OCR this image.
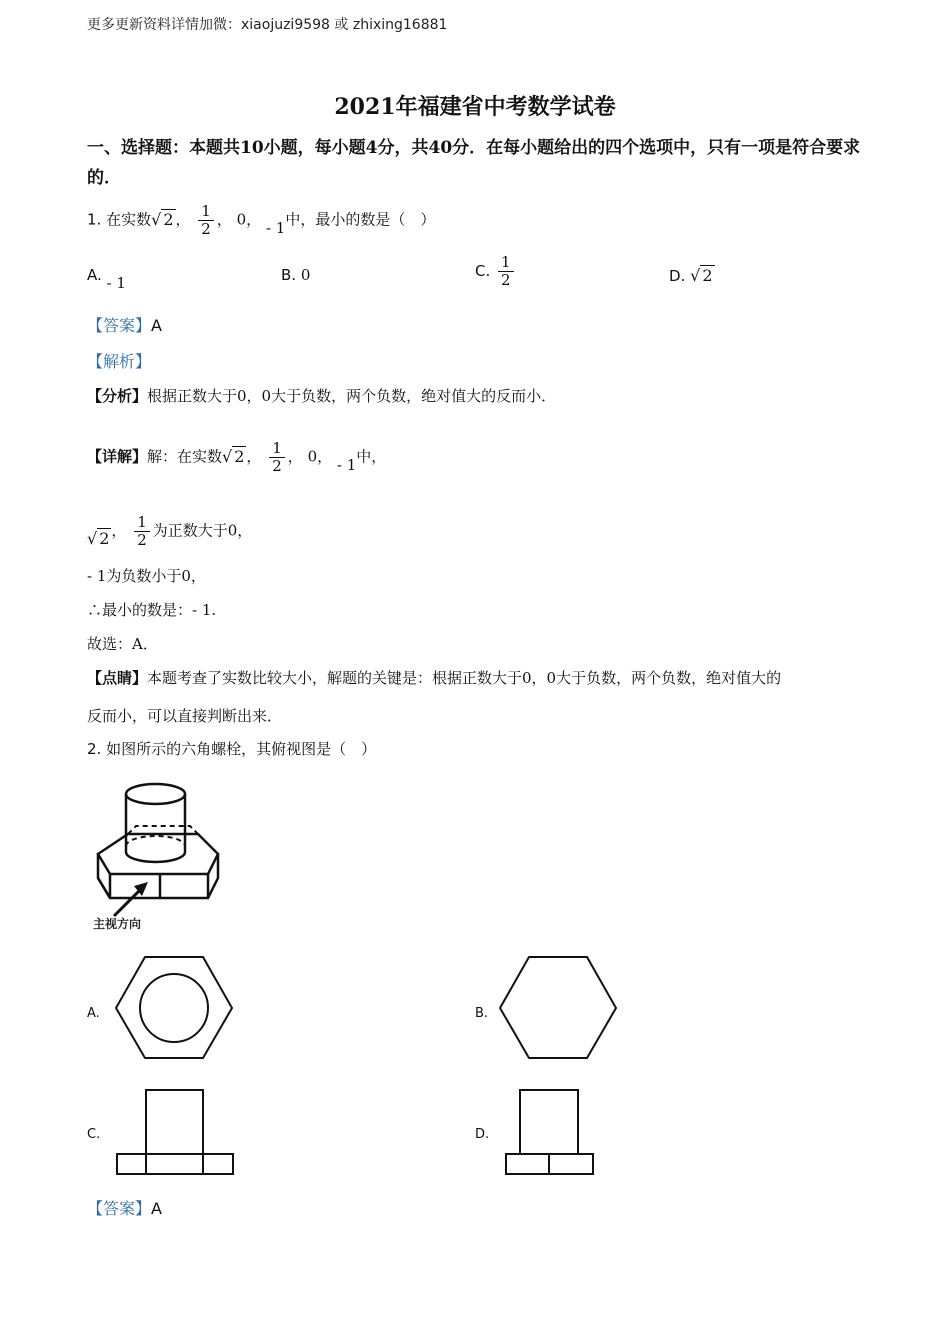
更多更新资料详情加微：xiaojuzi9598 或 zhixing16881
2021年福建省中考数学试卷
一、选择题：本题共10小题，每小题4分，共40分．在每小题给出的四个选项中，只有一项是符合要求的．
1. 在实数√ 2 ， $\frac{1}{2}$ ， 0， - 1中，最小的数是（　）
A. - 1	B. 0	C. $\frac{1}{2}$	D. √ 2
【答案】A
【解析】
【分析】根据正数大于0，0大于负数，两个负数，绝对值大的反而小．
【详解】解：在实数√ 2 ， $\frac{1}{2}$ ， 0， - 1中，
√ 2 ， $\frac{1}{2}$ 为正数大于0，
- 1为负数小于0，
∴最小的数是：- 1.
故选：A．
【点睛】本题考查了实数比较大小，解题的关键是：根据正数大于0，0大于负数，两个负数，绝对值大的
反而小，可以直接判断出来．
2. 如图所示的六角螺栓，其俯视图是（　）
主视方向
A.	B.
C.	D.
【答案】A
